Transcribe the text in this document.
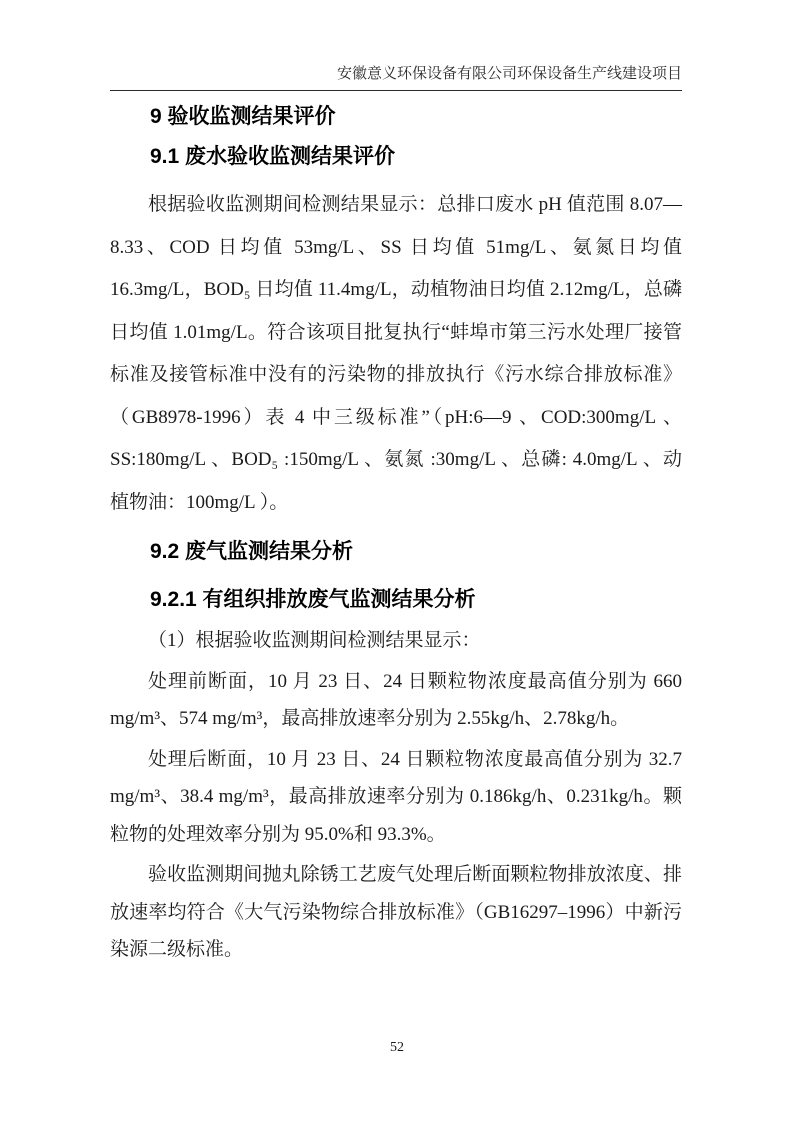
安徽意义环保设备有限公司环保设备生产线建设项目
9 验收监测结果评价
9.1 废水验收监测结果评价

根据验收监测期间检测结果显示：总排口废水 pH 值范围 8.07—8.33、COD 日均值 53mg/L、SS 日均值 51mg/L、氨氮日均值 16.3mg/L，BOD₅ 日均值 11.4mg/L，动植物油日均值 2.12mg/L，总磷日均值 1.01mg/L。符合该项目批复执行“蚌埠市第三污水处理厂接管标准及接管标准中没有的污染物的排放执行《污水综合排放标准》（GB8978-1996）表 4 中三级标准”（pH:6—9 、COD:300mg/L 、SS:180mg/L 、BOD₅ :150mg/L 、氨氮 :30mg/L 、总磷: 4.0mg/L 、动植物油：100mg/L ）。

9.2 废气监测结果分析
9.2.1 有组织排放废气监测结果分析

（1）根据验收监测期间检测结果显示：

处理前断面，10 月 23 日、24 日颗粒物浓度最高值分别为 660 mg/m³、574 mg/m³，最高排放速率分别为 2.55kg/h、2.78kg/h。

处理后断面，10 月 23 日、24 日颗粒物浓度最高值分别为 32.7 mg/m³、38.4 mg/m³，最高排放速率分别为 0.186kg/h、0.231kg/h。颗粒物的处理效率分别为 95.0%和 93.3%。

验收监测期间抛丸除锈工艺废气处理后断面颗粒物排放浓度、排放速率均符合《大气污染物综合排放标准》（GB16297–1996）中新污染源二级标准。

52
